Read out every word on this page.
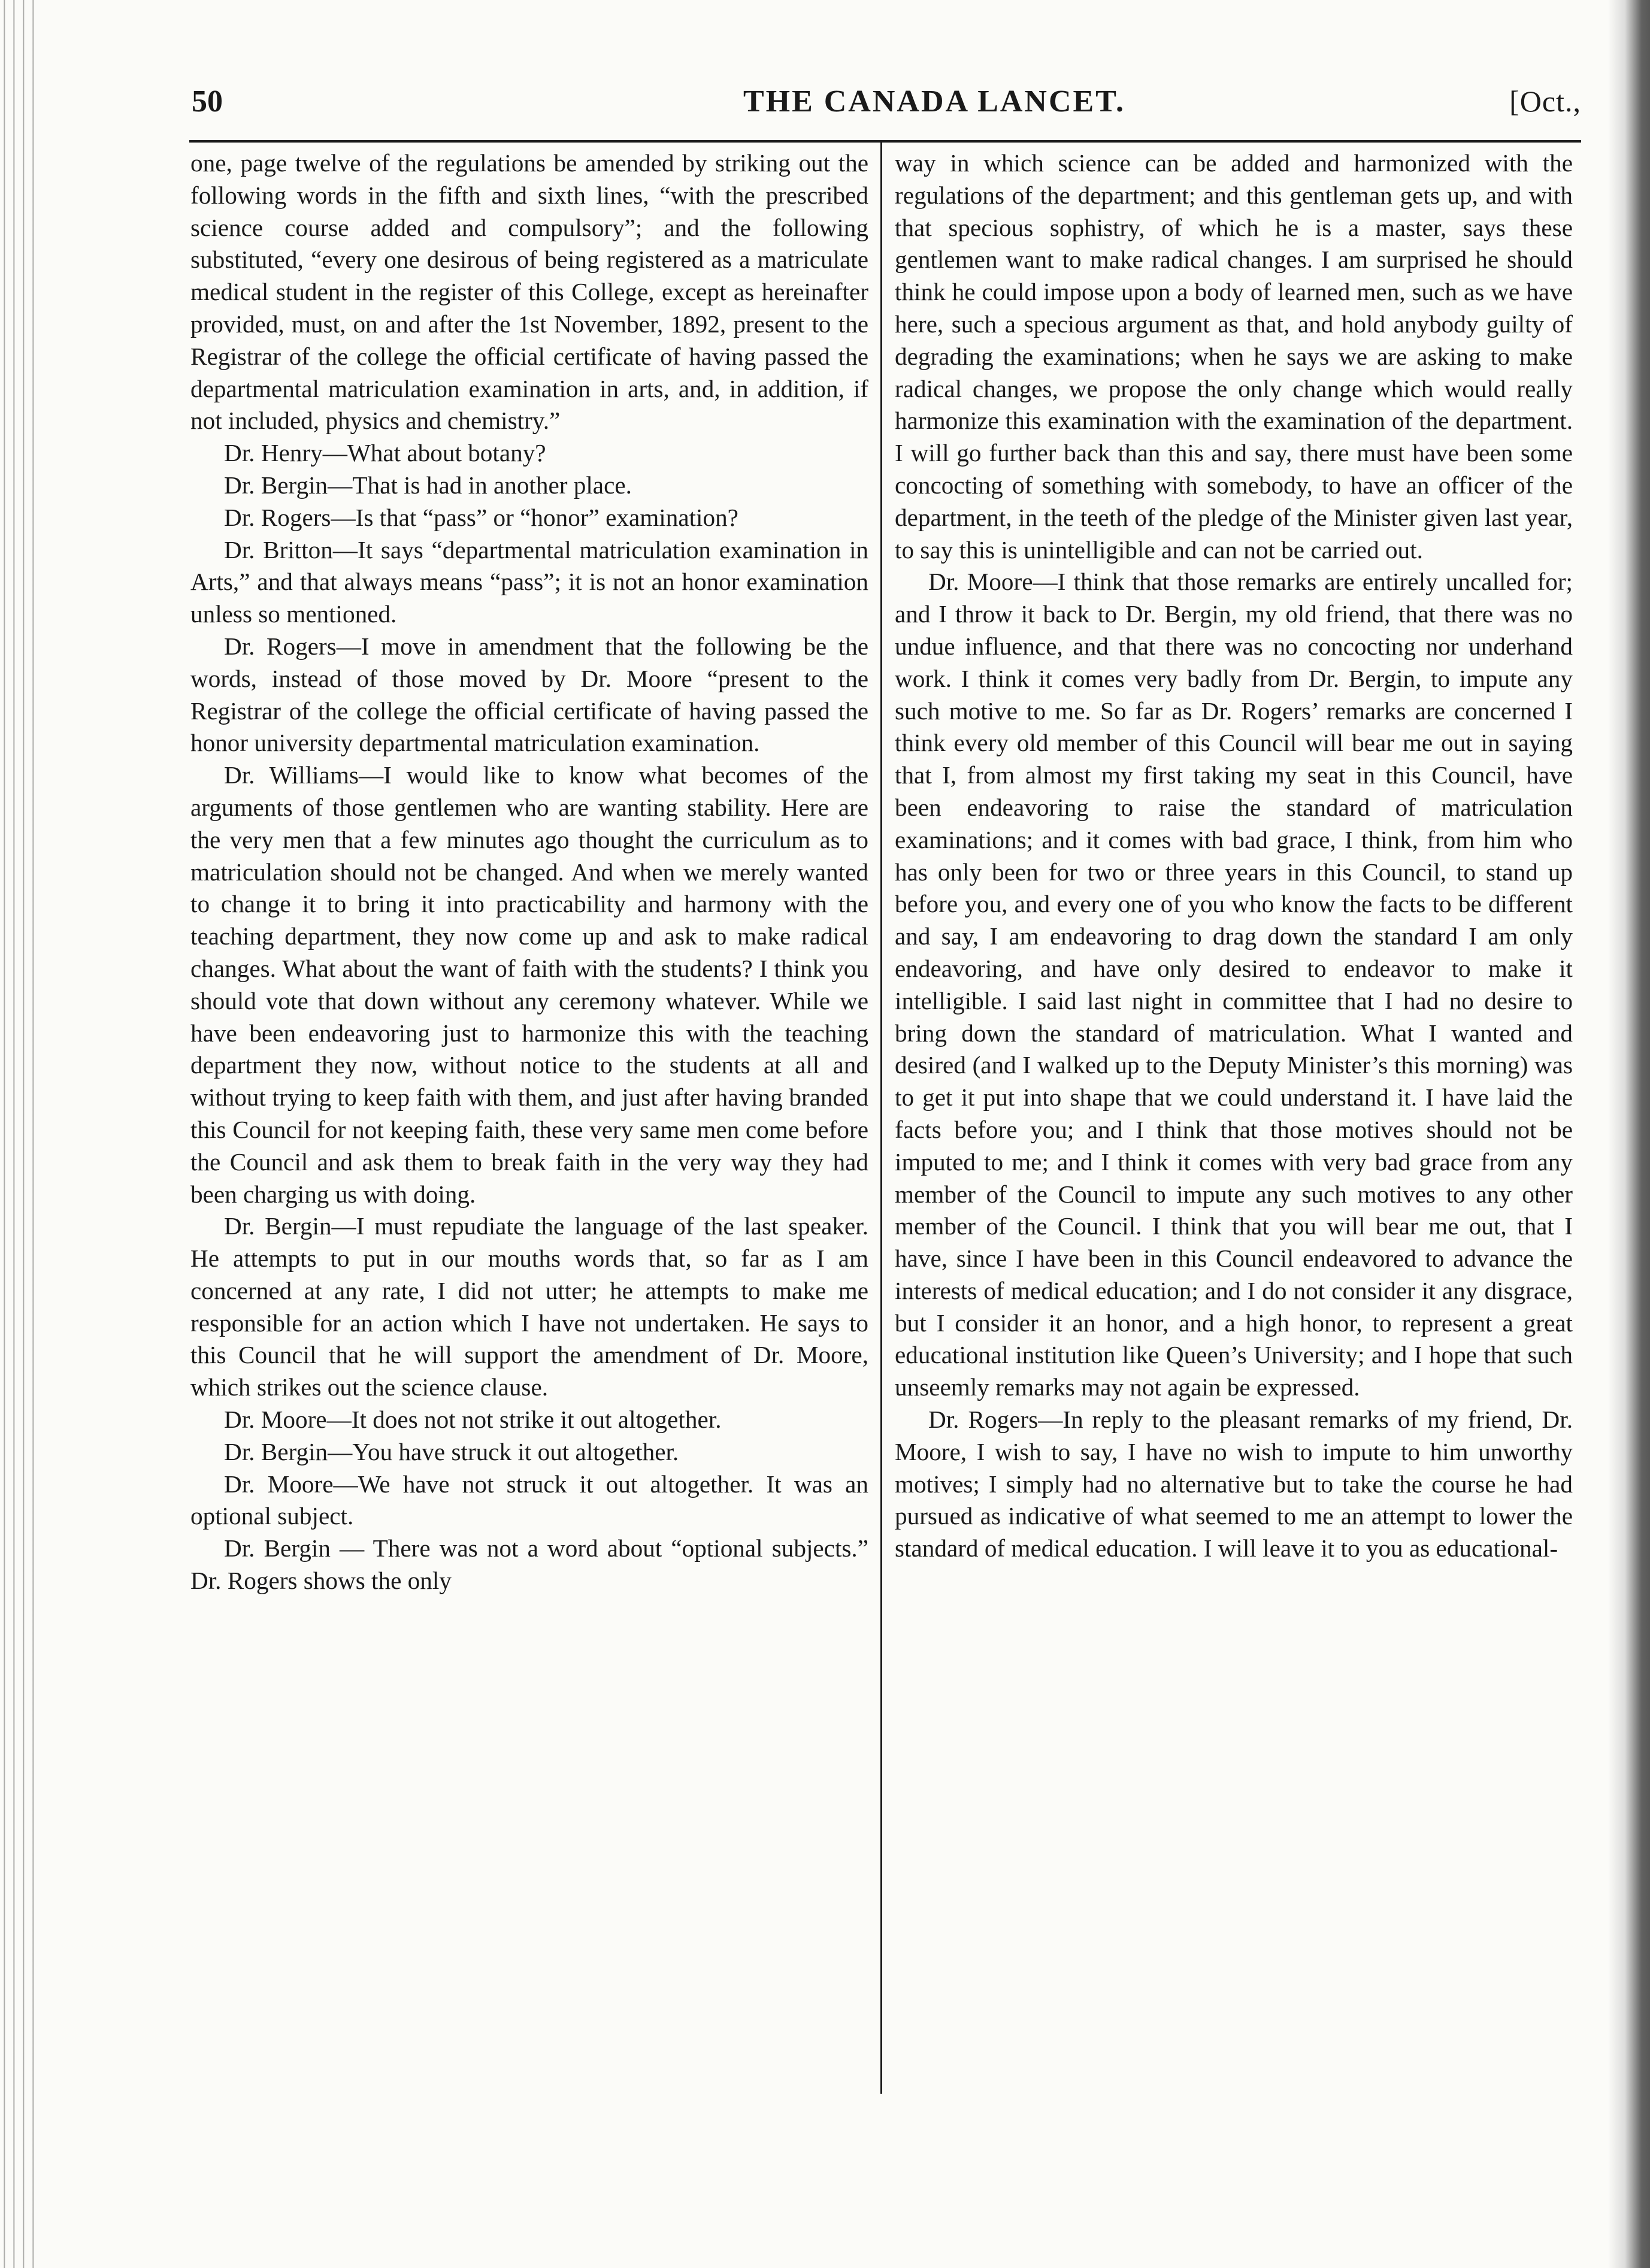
50	THE CANADA LANCET.	[Oct.,

one, page twelve of the regulations be amended by striking out the following words in the fifth and sixth lines, “with the prescribed science course added and compulsory”; and the following substituted, “every one desirous of being registered as a matriculate medical student in the register of this College, except as hereinafter provided, must, on and after the 1st November, 1892, present to the Registrar of the college the official certificate of having passed the departmental matriculation examination in arts, and, in addition, if not included, physics and chemistry.”

Dr. Henry—What about botany?

Dr. Bergin—That is had in another place.

Dr. Rogers—Is that “pass” or “honor” examination?

Dr. Britton—It says “departmental matriculation examination in Arts,” and that always means “pass”; it is not an honor examination unless so mentioned.

Dr. Rogers—I move in amendment that the following be the words, instead of those moved by Dr. Moore “present to the Registrar of the college the official certificate of having passed the honor university departmental matriculation examination.

Dr. Williams—I would like to know what becomes of the arguments of those gentlemen who are wanting stability. Here are the very men that a few minutes ago thought the curriculum as to matriculation should not be changed. And when we merely wanted to change it to bring it into practicability and harmony with the teaching department, they now come up and ask to make radical changes. What about the want of faith with the students? I think you should vote that down without any ceremony whatever. While we have been endeavoring just to harmonize this with the teaching department they now, without notice to the students at all and without trying to keep faith with them, and just after having branded this Council for not keeping faith, these very same men come before the Council and ask them to break faith in the very way they had been charging us with doing.

Dr. Bergin—I must repudiate the language of the last speaker. He attempts to put in our mouths words that, so far as I am concerned at any rate, I did not utter; he attempts to make me responsible for an action which I have not undertaken. He says to this Council that he will support the amendment of Dr. Moore, which strikes out the science clause.

Dr. Moore—It does not not strike it out altogether.

Dr. Bergin—You have struck it out altogether.

Dr. Moore—We have not struck it out altogether. It was an optional subject.

Dr. Bergin — There was not a word about “optional subjects.” Dr. Rogers shows the only

way in which science can be added and harmonized with the regulations of the department; and this gentleman gets up, and with that specious sophistry, of which he is a master, says these gentlemen want to make radical changes. I am surprised he should think he could impose upon a body of learned men, such as we have here, such a specious argument as that, and hold anybody guilty of degrading the examinations; when he says we are asking to make radical changes, we propose the only change which would really harmonize this examination with the examination of the department. I will go further back than this and say, there must have been some concocting of something with somebody, to have an officer of the department, in the teeth of the pledge of the Minister given last year, to say this is unintelligible and can not be carried out.

Dr. Moore—I think that those remarks are entirely uncalled for; and I throw it back to Dr. Bergin, my old friend, that there was no undue influence, and that there was no concocting nor underhand work. I think it comes very badly from Dr. Bergin, to impute any such motive to me. So far as Dr. Rogers’ remarks are concerned I think every old member of this Council will bear me out in saying that I, from almost my first taking my seat in this Council, have been endeavoring to raise the standard of matriculation examinations; and it comes with bad grace, I think, from him who has only been for two or three years in this Council, to stand up before you, and every one of you who know the facts to be different and say, I am endeavoring to drag down the standard I am only endeavoring, and have only desired to endeavor to make it intelligible. I said last night in committee that I had no desire to bring down the standard of matriculation. What I wanted and desired (and I walked up to the Deputy Minister’s this morning) was to get it put into shape that we could understand it. I have laid the facts before you; and I think that those motives should not be imputed to me; and I think it comes with very bad grace from any member of the Council to impute any such motives to any other member of the Council. I think that you will bear me out, that I have, since I have been in this Council endeavored to advance the interests of medical education; and I do not consider it any disgrace, but I consider it an honor, and a high honor, to represent a great educational institution like Queen’s University; and I hope that such unseemly remarks may not again be expressed.

Dr. Rogers—In reply to the pleasant remarks of my friend, Dr. Moore, I wish to say, I have no wish to impute to him unworthy motives; I simply had no alternative but to take the course he had pursued as indicative of what seemed to me an attempt to lower the standard of medical education. I will leave it to you as educational-
